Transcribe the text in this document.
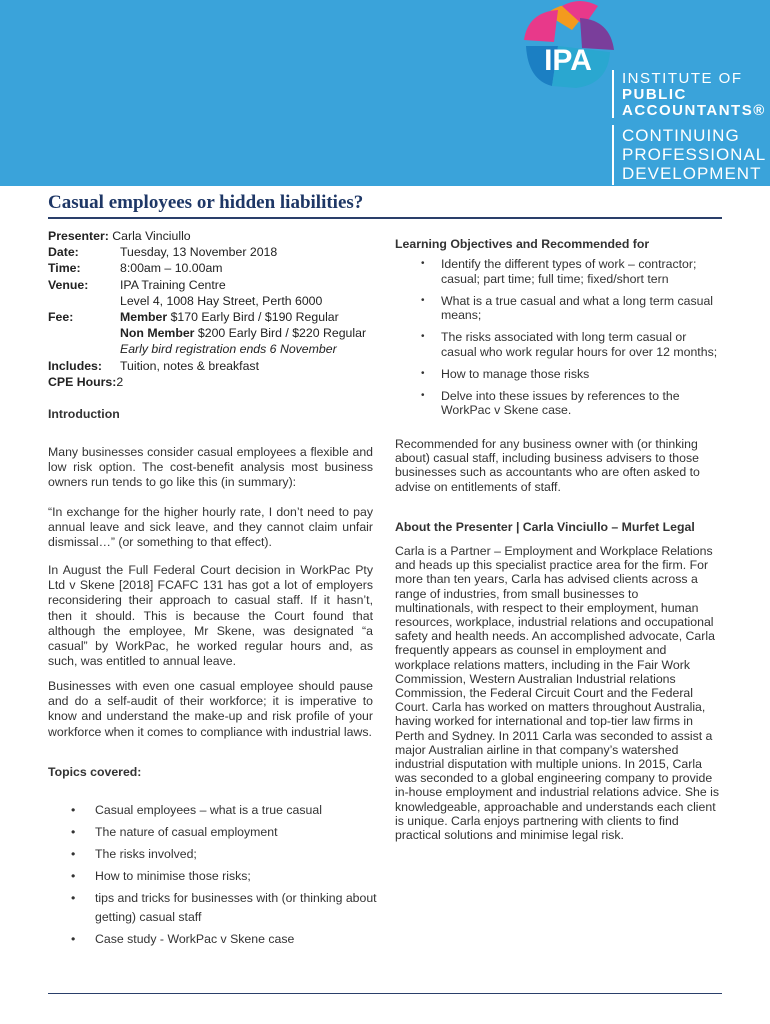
IPA
INSTITUTE OF
PUBLIC
ACCOUNTANTS®
CONTINUING
PROFESSIONAL
DEVELOPMENT
Casual employees or hidden liabilities?
Presenter:
Carla Vinciullo
Date:	Tuesday, 13 November 2018
Time:	8:00am – 10.00am
Venue:	IPA Training Centre
Level 4, 1008 Hay Street, Perth 6000
Fee:	Member $170 Early Bird / $190 Regular
Non Member $200 Early Bird / $220 Regular
Early bird registration ends 6 November
Includes:	Tuition, notes & breakfast
CPE Hours: 2
Introduction

Many businesses consider casual employees a flexible and low risk option. The cost-benefit analysis most business owners run tends to go like this (in summary):

“In exchange for the higher hourly rate, I don’t need to pay annual leave and sick leave, and they cannot claim unfair dismissal…” (or something to that effect).

In August the Full Federal Court decision in WorkPac Pty Ltd v Skene [2018] FCAFC 131 has got a lot of employers reconsidering their approach to casual staff. If it hasn’t, then it should. This is because the Court found that although the employee, Mr Skene, was designated “a casual” by WorkPac, he worked regular hours and, as such, was entitled to annual leave.

Businesses with even one casual employee should pause and do a self-audit of their workforce; it is imperative to know and understand the make-up and risk profile of your workforce when it comes to compliance with industrial laws.

Topics covered:
• Casual employees – what is a true casual
• The nature of casual employment
• The risks involved;
• How to minimise those risks;
• tips and tricks for businesses with (or thinking about getting) casual staff
• Case study - WorkPac v Skene case
Learning Objectives and Recommended for
• Identify the different types of work – contractor; casual; part time; full time; fixed/short tern
• What is a true casual and what a long term casual means;
• The risks associated with long term casual or casual who work regular hours for over 12 months;
• How to manage those risks
• Delve into these issues by references to the WorkPac v Skene case.

Recommended for any business owner with (or thinking about) casual staff, including business advisers to those businesses such as accountants who are often asked to advise on entitlements of staff.

About the Presenter | Carla Vinciullo – Murfet Legal

Carla is a Partner – Employment and Workplace Relations and heads up this specialist practice area for the firm. For more than ten years, Carla has advised clients across a range of industries, from small businesses to multinationals, with respect to their employment, human resources, workplace, industrial relations and occupational safety and health needs. An accomplished advocate, Carla frequently appears as counsel in employment and workplace relations matters, including in the Fair Work Commission, Western Australian Industrial relations Commission, the Federal Circuit Court and the Federal Court. Carla has worked on matters throughout Australia, having worked for international and top-tier law firms in Perth and Sydney. In 2011 Carla was seconded to assist a major Australian airline in that company’s watershed industrial disputation with multiple unions. In 2015, Carla was seconded to a global engineering company to provide in-house employment and industrial relations advice. She is knowledgeable, approachable and understands each client is unique. Carla enjoys partnering with clients to find practical solutions and minimise legal risk.
